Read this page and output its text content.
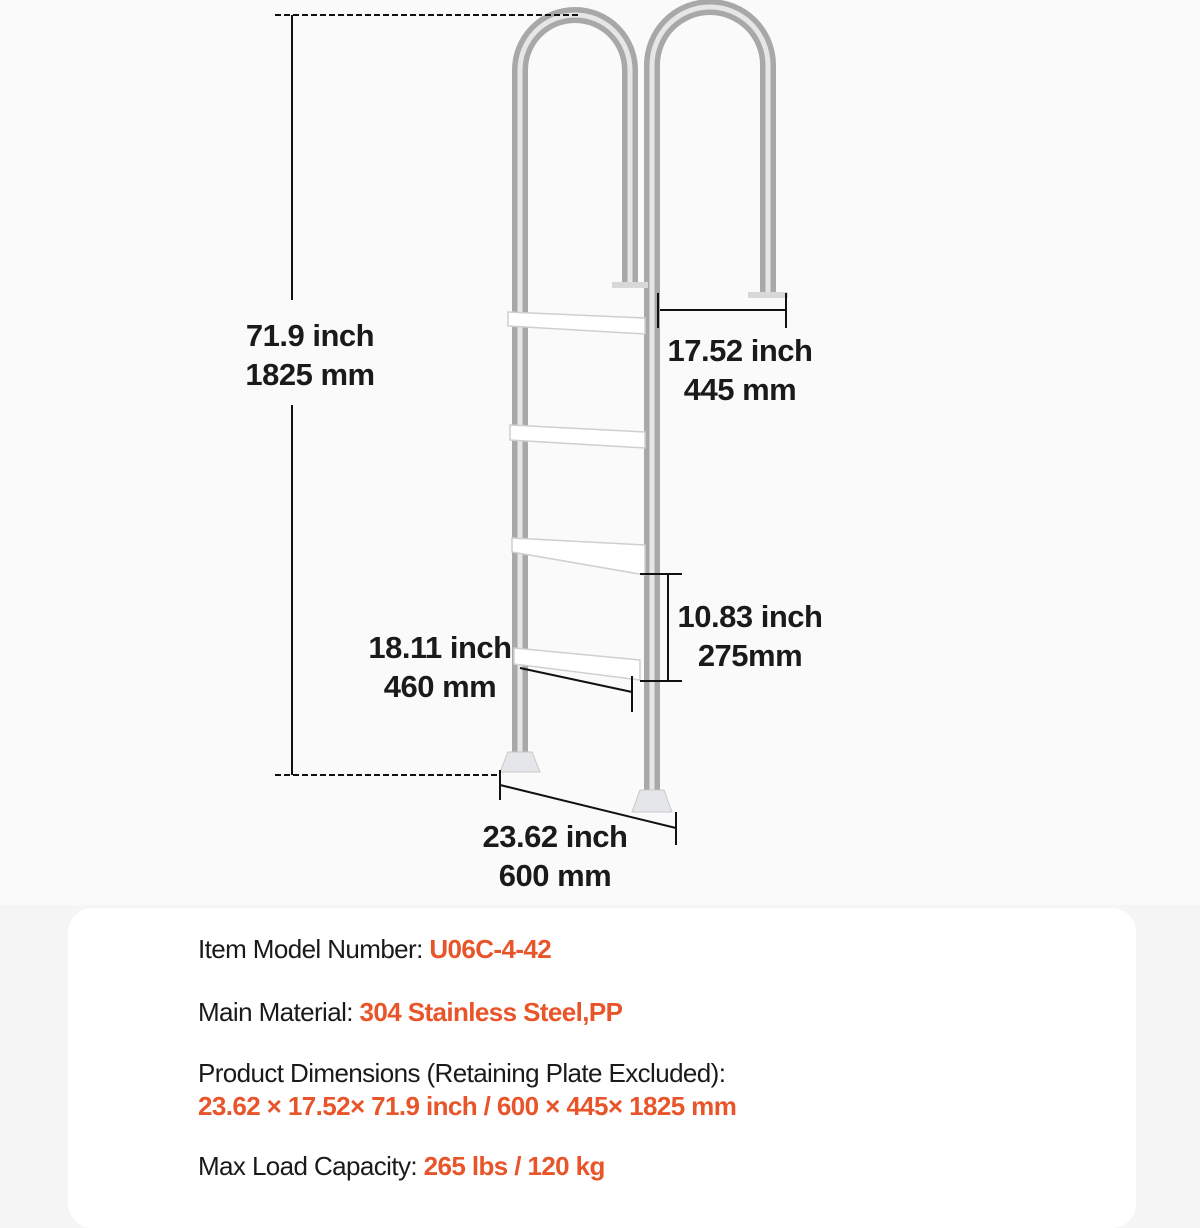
71.9 inch
1825 mm
17.52 inch
445 mm
10.83 inch
275mm
18.11 inch
460 mm
23.62 inch
600 mm
Item Model Number: U06C-4-42
Main Material: 304 Stainless Steel,PP
Product Dimensions (Retaining Plate Excluded):
23.62 × 17.52× 71.9 inch / 600 × 445× 1825 mm
Max Load Capacity: 265 lbs / 120 kg
